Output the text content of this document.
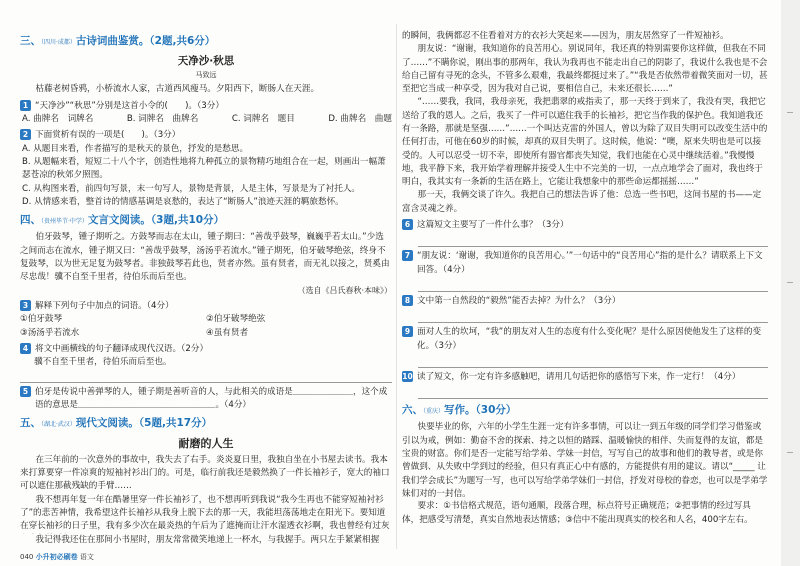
三、（四川·成都）古诗词曲鉴赏。（2题,共6分）
天净沙·秋思
马致远

枯藤老树昏鸦，小桥流水人家，古道西风瘦马。夕阳西下，断肠人在天涯。

1 “天净沙”“秋思”分别是这首小令的(　　)。（3分）
A. 曲牌名　词牌名	B. 词牌名　曲牌名	C. 词牌名　题目	D. 曲牌名　曲题
2 下面赏析有误的一项是(　　)。（3分）

A. 从题目来看，作者描写的是秋天的景色，抒发的是愁思。

B. 从题幅来看，短短二十八个字，创造性地将九种孤立的景物精巧地组合在一起，则画出一幅萧瑟苍凉的秋郊夕照图。

C. 从构图来看，前四句写景，末一句写人，景物是背景，人是主体，写景是为了衬托人。

D. 从情感来看，整首诗的情感基调是哀愁的，表达了“断肠人”浪迹天涯的羁旅愁怀。

四、（贵州毕节·中学）文言文阅读。（3题,共10分）

伯牙鼓琴，锺子期听之。方鼓琴而志在太山，锺子期曰：“善哉乎鼓琴，巍巍乎若太山。”少选之间而志在流水，锺子期又曰：“善哉乎鼓琴，汤汤乎若流水。”锺子期死，伯牙破琴绝弦，终身不复鼓琴，以为世无足复为鼓琴者。非独鼓琴若此也，贤者亦然。虽有贤者，而无礼以接之，贤奚由尽忠哉！骥不自至千里者，待伯乐而后至也。

（选自《吕氏春秋·本味》）
3 解释下列句子中加点的词语。（4分）
①伯牙鼓琴	②伯牙破琴绝弦
③汤汤乎若流水	④虽有贤者
4 将文中画横线的句子翻译成现代汉语。（2分）

骥不自至千里者，待伯乐而后至也。

5 伯牙是传说中善弹琴的人，锺子期是善听音的人，与此相关的成语是＿＿＿＿＿＿＿，这个成语的意思是＿＿＿＿＿＿＿＿＿＿＿＿＿＿＿＿。（4分）
五、（湖北·武汉）现代文阅读。（5题,共17分）
耐磨的人生

在三年前的一次意外的事故中，我失去了右手。炎炎夏日里，我独自坐在小书屋去读书。我本来打算要穿一件凉爽的短袖衬衫出门的。可是，临行前我还是毅然换了一件长袖衫子，宽大的袖口可以遮住那截残缺的手臂……

我不想再年复一年在酷暑里穿一件长袖衫了，也不想再听到我说“我今生再也不能穿短袖衬衫了”的悲苦神情，我希望这件长袖衫从我身上脱下去的那一天，我能坦荡荡地走在阳光下。要知道在穿长袖衫的日子里，我有多少次在最炎热的午后为了遮掩而让汗水湿透衣衫啊，我也曾经有过灰

我记得我还住在那间小书屋时，朋友常常微笑地递上一杯水，与我握手。两只左手紧紧相握

的瞬间，我俩都忍不住看着对方的衣衫大笑起来——因为，朋友居然穿了一件短袖衫。

朋友说：“谢谢，我知道你的良苦用心。别说同年，我还真的特别需要你这样做，但我在不同了……”不瞒你说，刚出事的那两年，我认为我再也不能走出自己的阴影了，我说什么我也是不会给自己留有寻死的念头，不管多么艰难，我最终都挺过来了。”“我是否依然带着微笑面对一切，甚至把它当成一种享受，因为我对自己说，要相信自己，未来还很长……”

“……要我，我同，我母亲死，我把翡翠的戒指卖了，那一天终于到来了，我没有哭，我把它送给了我的恩人。之后，我买了一件可以遮住我手的长袖衫，把它当作我的保护色。我知道我还有一条路，那就是坚强……”……一个叫达克雷的外国人，曾以为除了双目失明可以改变生活中的任何打击，可他在60岁的时候，却真的双目失明了。这时候，他说：“噢，原来失明也是可以接受的。人可以忍受一切不幸，即使所有器官都丧失知觉，我们也能在心灵中继续活着。”我慢慢地，我平静下来，我开始学着理解并接受人生中不完美的一切，一点点地学会了面对，我也终于明白，我其实有一条新的生活在路上，它能让我想象中的那些命运都摇摇……”

那一天，我俩交谈了许久。我把自己的想法告诉了他：总选一些书吧，这间书屋的书——定富含灵魂之养。

6 这篇短文主要写了一件什么事？（3分）
7 “朋友说：‘谢谢，我知道你的良苦用心。’”一句话中的“良苦用心”指的是什么？请联系上下文回答。（4分）
8 文中第一自然段的“毅然”能否去掉？为什么？（3分）
9 面对人生的坎坷，“我”的朋友对人生的态度有什么变化呢？是什么原因使他发生了这样的变化。（3分）
10 读了短文，你一定有许多感触吧，请用几句话把你的感悟写下来，作一定行！（4分）
六、（重庆）写作。（30分）

快要毕业的你，六年的小学生生涯一定有许多事情，可以让一到五年级的同学们学习借鉴或引以为戒，例如：勤奋不舍的探索、持之以恒的踏踩、温暖愉快的相伴、失而复得的友谊，都是宝贵的财富。你们是否一定能写给学弟、学妹一封信，写写自己的故事和他们的教导者，或是你曾做到、从失败中学到过的经验，但只有真正心中有感的，方能提供有用的建议。请以“_____ 让我们学会成长”为题写一写，也可以写给学弟学妹们一封信，抒发对母校的眷恋，也可以是学弟学妹们对的一封信。

要求：①书信格式规范，语句通顺，段落合理，标点符号正确规范；②把事情的经过写具体，把感受写清楚，真实自然地表达情感；③信中不能出现真实的校名和人名，400字左右。

040 小升初必刷卷 语文
